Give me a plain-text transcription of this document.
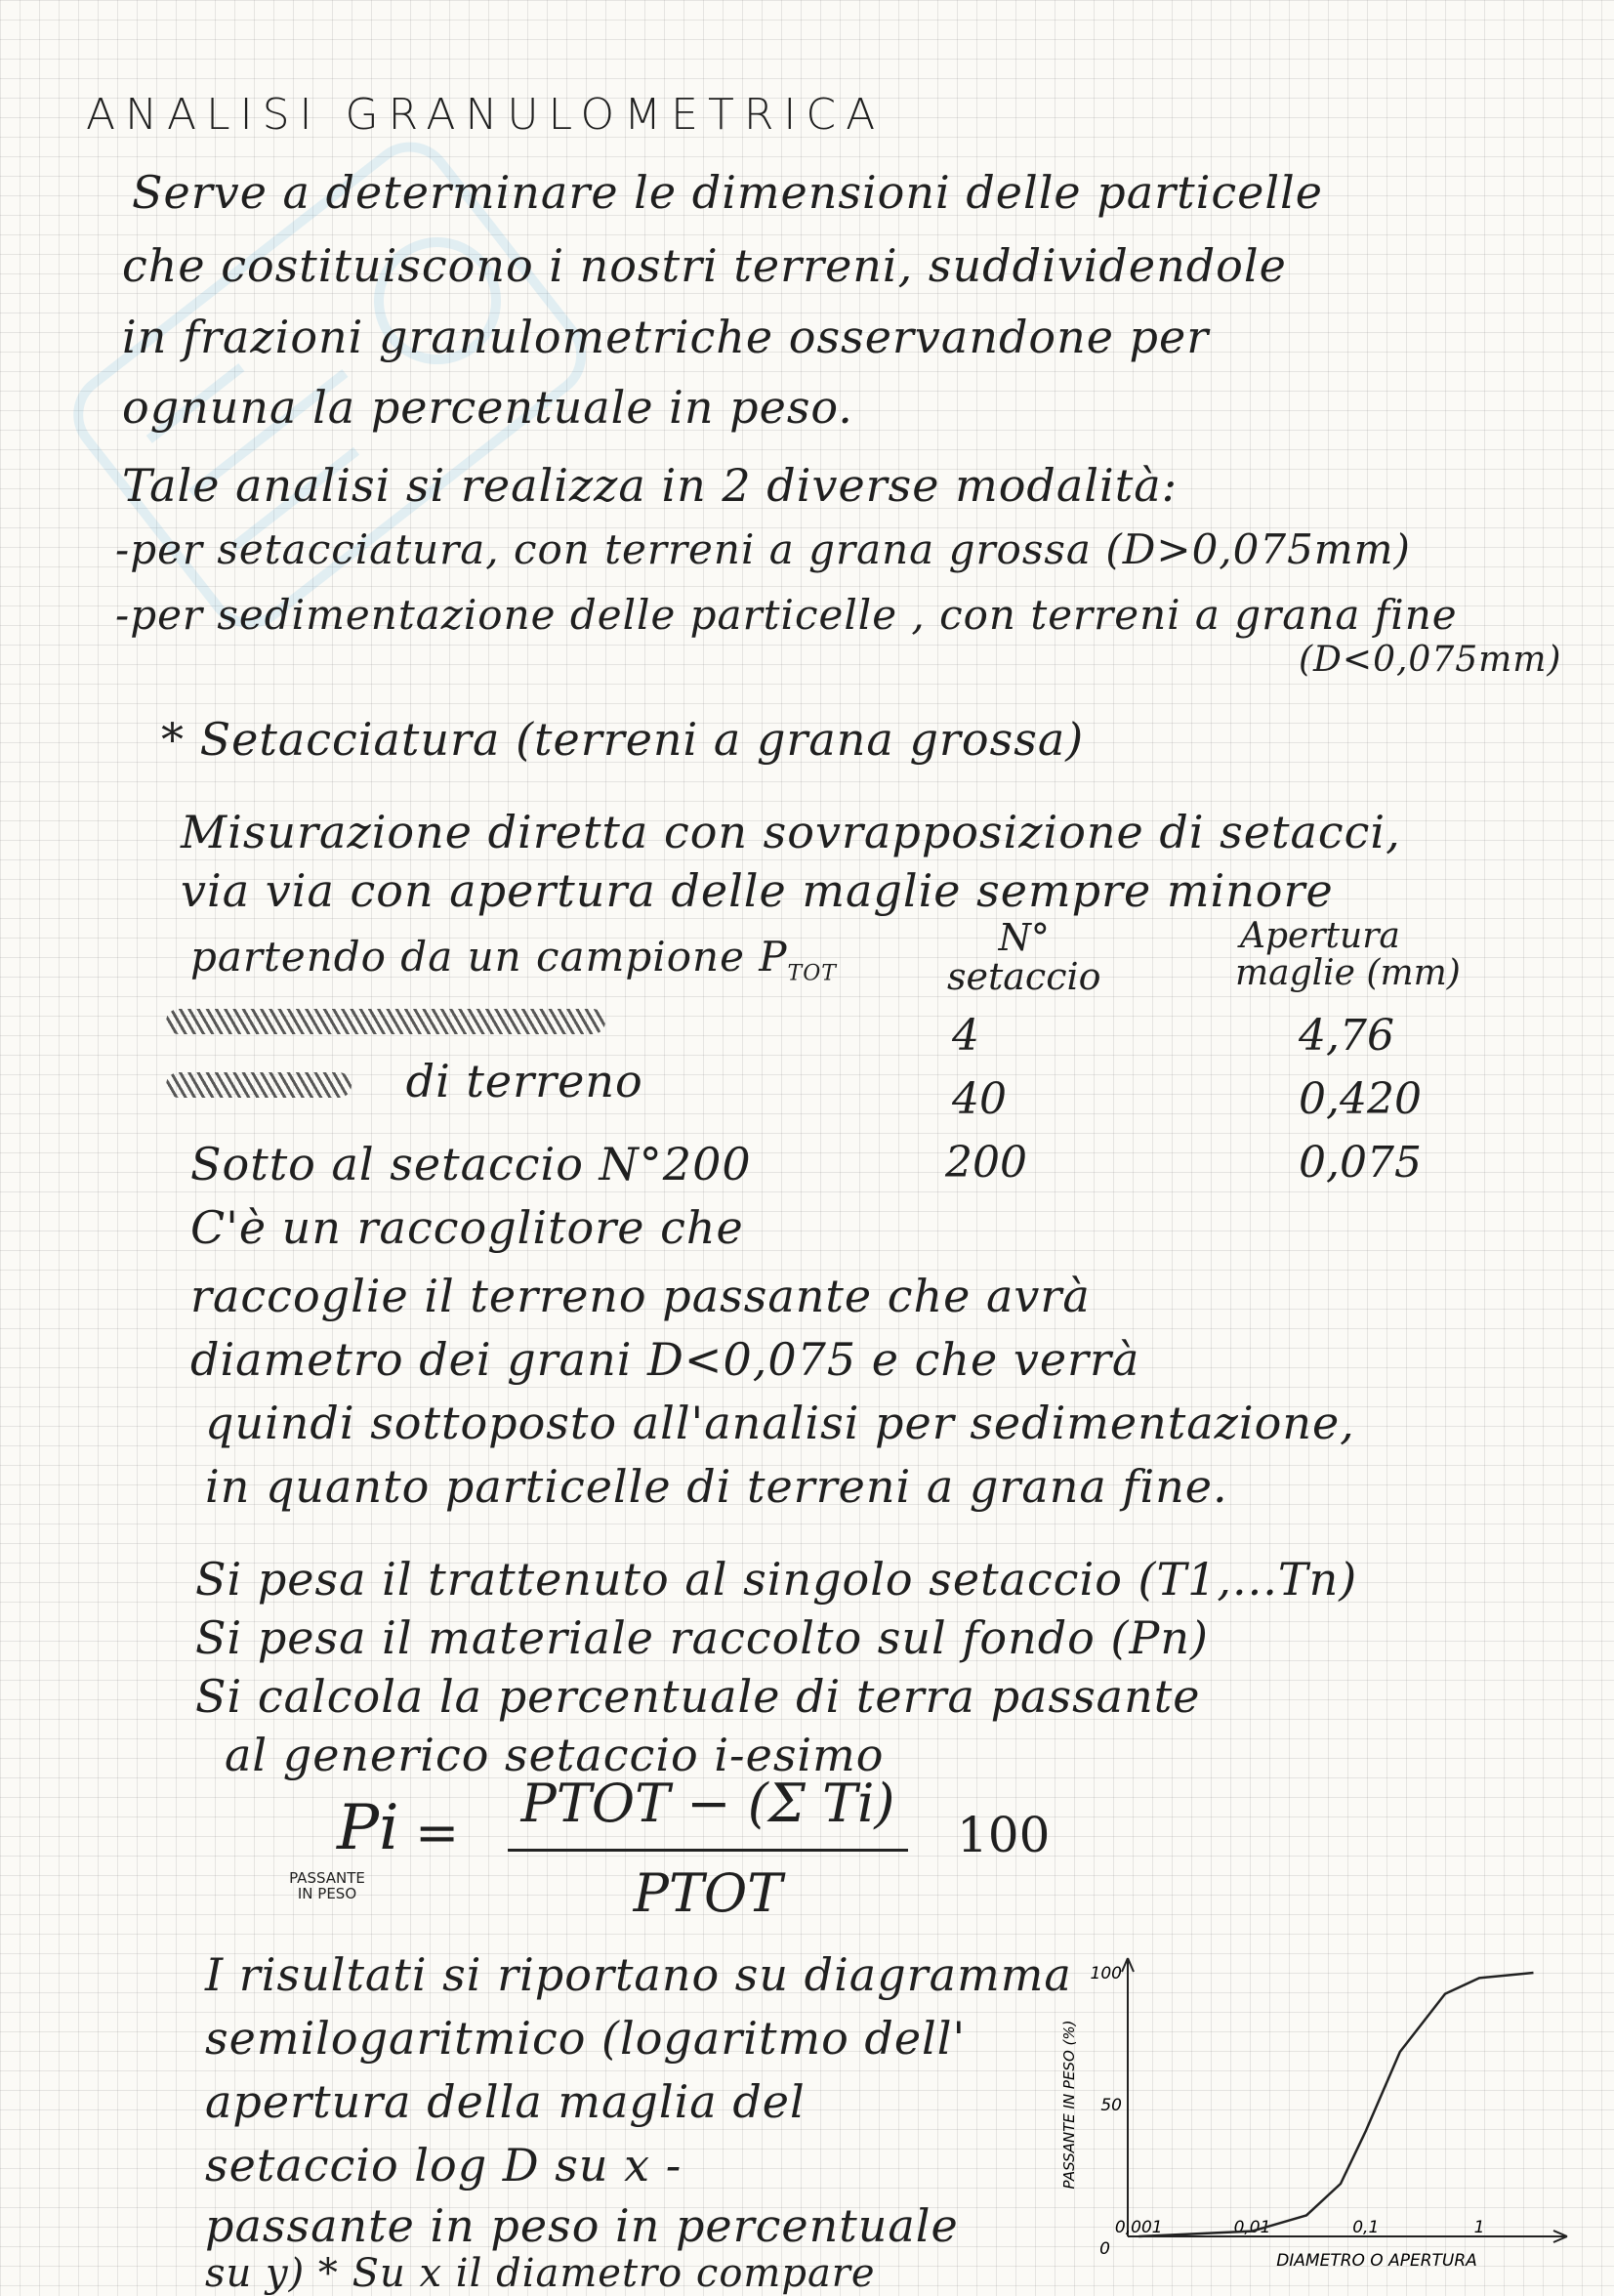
ANALISI GRANULOMETRICA
Serve a determinare le dimensioni delle particelle
che costituiscono i nostri terreni, suddividendole
in frazioni granulometriche osservandone per
ognuna la percentuale in peso.
Tale analisi si realizza in 2 diverse modalità:
-per setacciatura, con terreni a grana grossa (D>0,075mm)
-per sedimentazione delle particelle , con terreni a grana fine
(D<0,075mm)
* Setacciatura (terreni a grana grossa)
Misurazione diretta con sovrapposizione di setacci,
via via con apertura delle maglie sempre minore
partendo da un campione $P_{TOT}$
di terreno
N°
setaccio
Apertura
maglie (mm)
4	4,76
40	0,420
200	0,075
Sotto al setaccio N°200
C'è un raccoglitore che
raccoglie il terreno passante che avrà
diametro dei grani D<0,075 e che verrà
quindi sottoposto all'analisi per sedimentazione,
in quanto particelle di terreni a grana fine.
Si pesa il trattenuto al singolo setaccio (T1,...Tn)
Si pesa il materiale raccolto sul fondo (Pn)
Si calcola la percentuale di terra passante
al generico setaccio i-esimo
Pi
PASSANTE IN PESO
= PTOT − (Σ Ti)
PTOT
100
I risultati si riportano su diagramma
semilogaritmico (logaritmo dell'
apertura della maglia del
setaccio log D su x -
passante in peso in percentuale
su y) * Su x il diametro compare
0,001	0,01	0,1	1
0
50
100
PASSANTE IN PESO (%)
DIAMETRO O APERTURA
